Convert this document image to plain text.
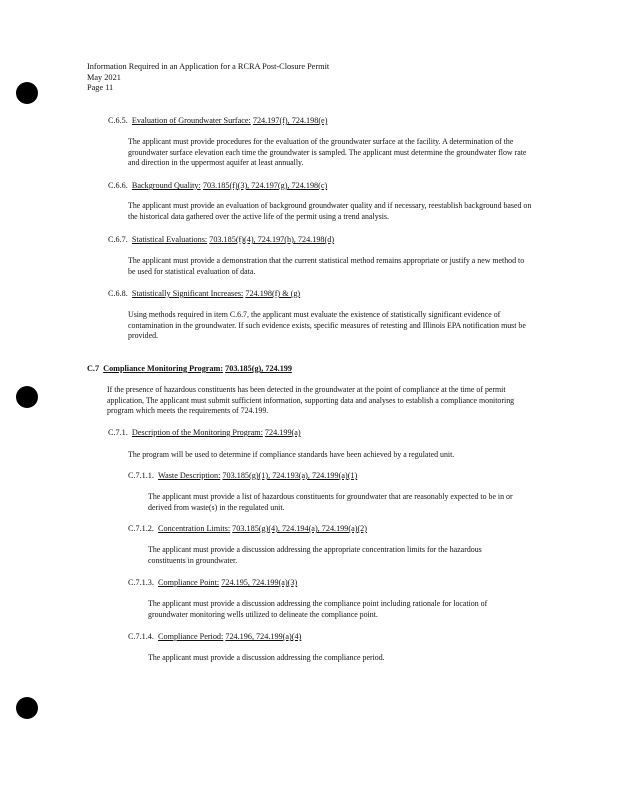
Information Required in an Application for a RCRA Post-Closure Permit
May 2021
Page 11
C.6.5. Evaluation of Groundwater Surface: 724.197(f), 724.198(e)
The applicant must provide procedures for the evaluation of the groundwater surface at the facility. A determination of the groundwater surface elevation each time the groundwater is sampled. The applicant must determine the groundwater flow rate and direction in the uppermost aquifer at least annually.
C.6.6. Background Quality: 703.185(f)(3), 724.197(g), 724.198(c)
The applicant must provide an evaluation of background groundwater quality and if necessary, reestablish background based on the historical data gathered over the active life of the permit using a trend analysis.
C.6.7. Statistical Evaluations: 703.185(f)(4), 724.197(h), 724.198(d)
The applicant must provide a demonstration that the current statistical method remains appropriate or justify a new method to be used for statistical evaluation of data.
C.6.8. Statistically Significant Increases: 724.198(f) & (g)
Using methods required in item C.6.7, the applicant must evaluate the existence of statistically significant evidence of contamination in the groundwater. If such evidence exists, specific measures of retesting and Illinois EPA notification must be provided.
C.7 Compliance Monitoring Program: 703.185(g), 724.199
If the presence of hazardous constituents has been detected in the groundwater at the point of compliance at the time of permit application, The applicant must submit sufficient information, supporting data and analyses to establish a compliance monitoring program which meets the requirements of 724.199.
C.7.1. Description of the Monitoring Program: 724.199(a)
The program will be used to determine if compliance standards have been achieved by a regulated unit.
C.7.1.1. Waste Description: 703.185(g)(1), 724.193(a), 724.199(a)(1)
The applicant must provide a list of hazardous constituents for groundwater that are reasonably expected to be in or derived from waste(s) in the regulated unit.
C.7.1.2. Concentration Limits: 703.185(g)(4), 724.194(a), 724.199(a)(2)
The applicant must provide a discussion addressing the appropriate concentration limits for the hazardous constituents in groundwater.
C.7.1.3. Compliance Point: 724.195, 724.199(a)(3)
The applicant must provide a discussion addressing the compliance point including rationale for location of groundwater monitoring wells utilized to delineate the compliance point.
C.7.1.4. Compliance Period: 724.196, 724.199(a)(4)
The applicant must provide a discussion addressing the compliance period.
